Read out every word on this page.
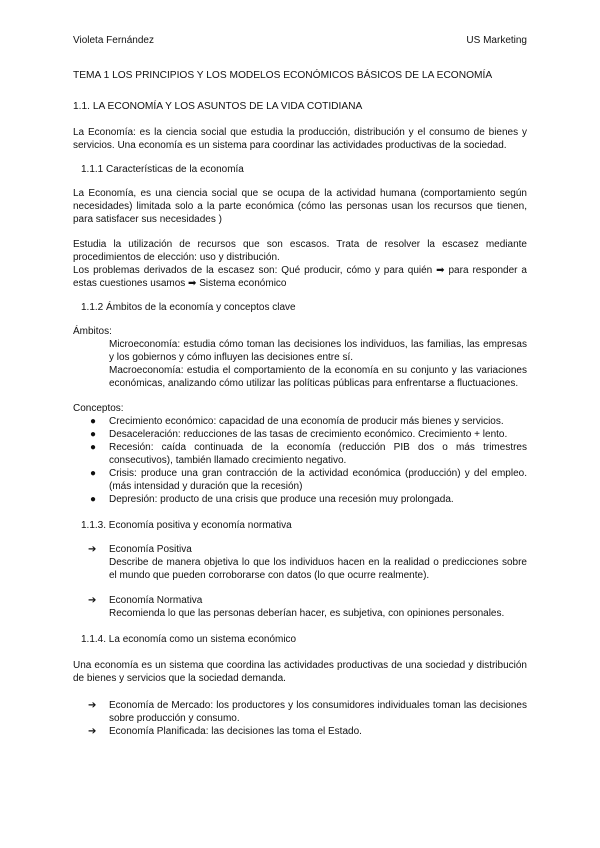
Violeta Fernández	US Marketing

TEMA 1 LOS PRINCIPIOS Y LOS MODELOS ECONÓMICOS BÁSICOS DE LA ECONOMÍA

1.1. LA ECONOMÍA Y LOS ASUNTOS DE LA VIDA COTIDIANA

La Economía: es la ciencia social que estudia la producción, distribución y el consumo de bienes y servicios. Una economía es un sistema para coordinar las actividades productivas de la sociedad.

1.1.1 Características de la economía

La Economía, es una ciencia social que se ocupa de la actividad humana (comportamiento según necesidades) limitada solo a la parte económica (cómo las personas usan los recursos que tienen, para satisfacer sus necesidades )

Estudia la utilización de recursos que son escasos. Trata de resolver la escasez mediante procedimientos de elección: uso y distribución.

Los problemas derivados de la escasez son: Qué producir, cómo y para quién ➡ para responder a estas cuestiones usamos ➡ Sistema económico

1.1.2 Ámbitos de la economía y conceptos clave

Ámbitos:

Microeconomía: estudia cómo toman las decisiones los individuos, las familias, las empresas y los gobiernos y cómo influyen las decisiones entre sí.

Macroeconomía: estudia el comportamiento de la economía en su conjunto y las variaciones económicas, analizando cómo utilizar las políticas públicas para enfrentarse a fluctuaciones.

Conceptos:

● Crecimiento económico: capacidad de una economía de producir más bienes y servicios.
● Desaceleración: reducciones de las tasas de crecimiento económico. Crecimiento + lento.
● Recesión: caída continuada de la economía (reducción PIB dos o más trimestres consecutivos), también llamado crecimiento negativo.
● Crisis: produce una gran contracción de la actividad económica (producción) y del empleo. (más intensidad y duración que la recesión)
● Depresión: producto de una crisis que produce una recesión muy prolongada.

1.1.3. Economía positiva y economía normativa

➔ Economía Positiva
Describe de manera objetiva lo que los individuos hacen en la realidad o predicciones sobre el mundo que pueden corroborarse con datos (lo que ocurre realmente).
➔ Economía Normativa
Recomienda lo que las personas deberían hacer, es subjetiva, con opiniones personales.

1.1.4. La economía como un sistema económico

Una economía es un sistema que coordina las actividades productivas de una sociedad y distribución de bienes y servicios que la sociedad demanda.

➔ Economía de Mercado: los productores y los consumidores individuales toman las decisiones sobre producción y consumo.
➔ Economía Planificada: las decisiones las toma el Estado.
